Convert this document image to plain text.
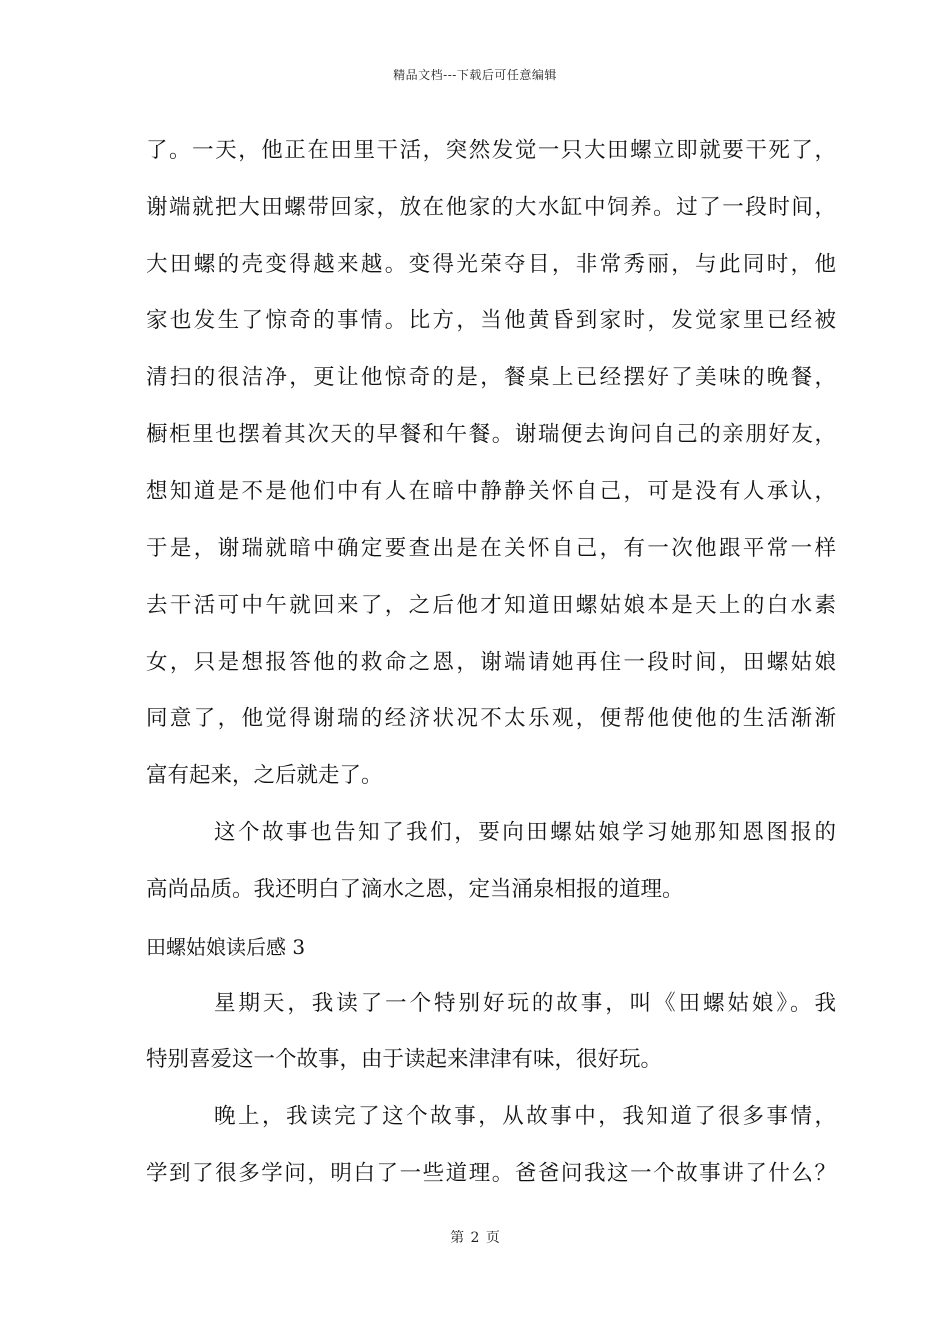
精品文档---下载后可任意编辑
了。一天，他正在田里干活，突然发觉一只大田螺立即就要干死了，
谢端就把大田螺带回家，放在他家的大水缸中饲养。过了一段时间，
大田螺的壳变得越来越。变得光荣夺目，非常秀丽，与此同时，他
家也发生了惊奇的事情。比方，当他黄昏到家时，发觉家里已经被
清扫的很洁净，更让他惊奇的是，餐桌上已经摆好了美味的晚餐，
橱柜里也摆着其次天的早餐和午餐。谢瑞便去询问自己的亲朋好友，
想知道是不是他们中有人在暗中静静关怀自己，可是没有人承认，
于是，谢瑞就暗中确定要查出是在关怀自己，有一次他跟平常一样
去干活可中午就回来了，之后他才知道田螺姑娘本是天上的白水素
女，只是想报答他的救命之恩，谢端请她再住一段时间，田螺姑娘
同意了，他觉得谢瑞的经济状况不太乐观，便帮他使他的生活渐渐
富有起来，之后就走了。
这个故事也告知了我们，要向田螺姑娘学习她那知恩图报的
高尚品质。我还明白了滴水之恩，定当涌泉相报的道理。
田螺姑娘读后感 3
星期天，我读了一个特别好玩的故事，叫《田螺姑娘》。我
特别喜爱这一个故事，由于读起来津津有味，很好玩。
晚上，我读完了这个故事，从故事中，我知道了很多事情，
学到了很多学问，明白了一些道理。爸爸问我这一个故事讲了什么？
第 2 页
